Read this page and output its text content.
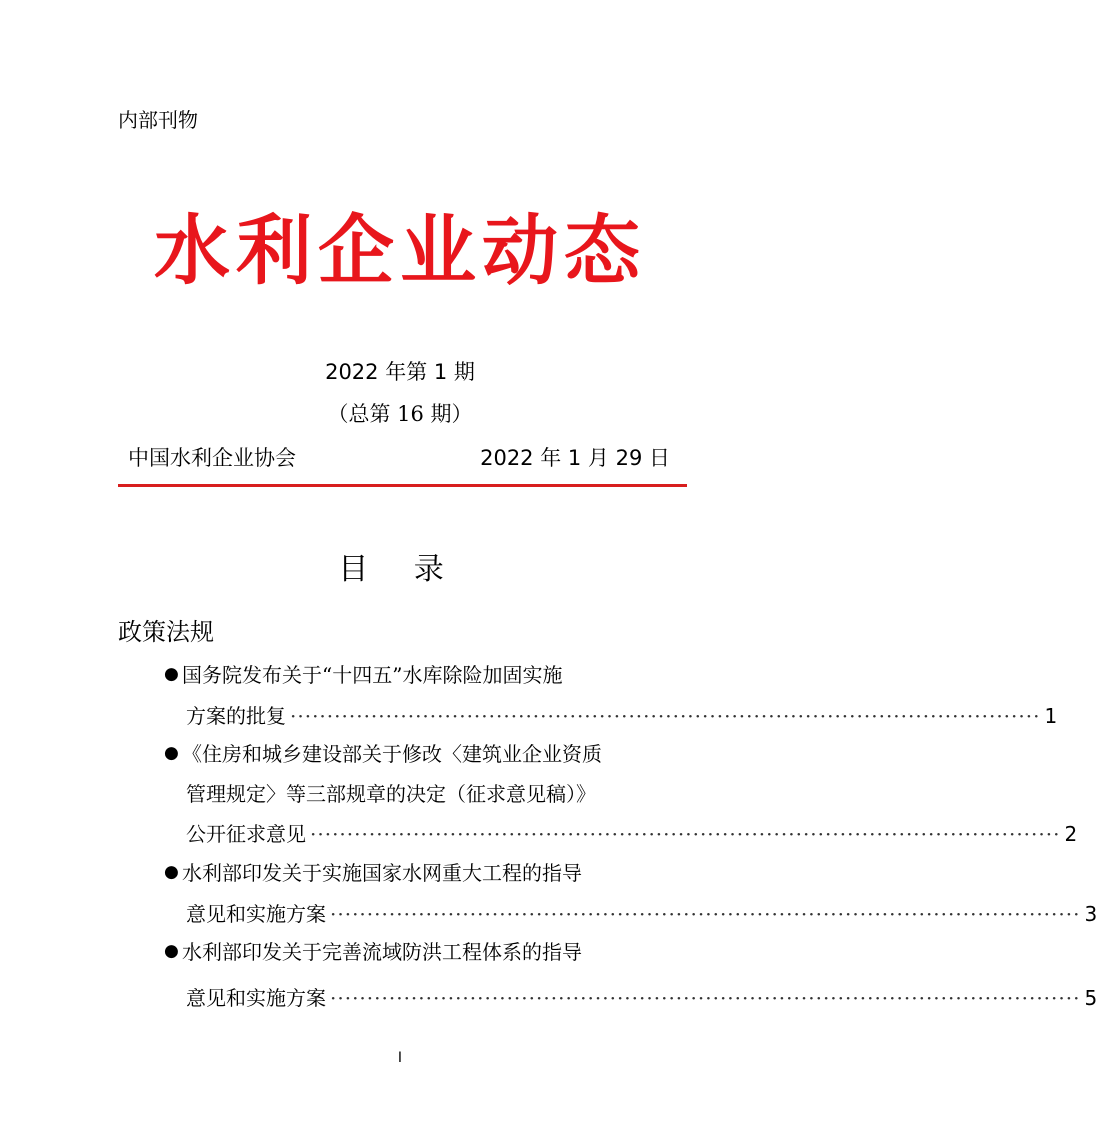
内部刊物
水利企业动态
2022 年第 1 期
（总第 16 期）
中国水利企业协会	2022 年 1 月 29 日
目 录
政策法规
● 国务院发布关于“十四五”水库除险加固实施
方案的批复 ······································································································ 1
● 《住房和城乡建设部关于修改〈建筑业企业资质
管理规定〉等三部规章的决定（征求意见稿）》
公开征求意见 ······································································································ 2
● 水利部印发关于实施国家水网重大工程的指导
意见和实施方案 ······································································································ 3
● 水利部印发关于完善流域防洪工程体系的指导
意见和实施方案 ······································································································ 5
I
